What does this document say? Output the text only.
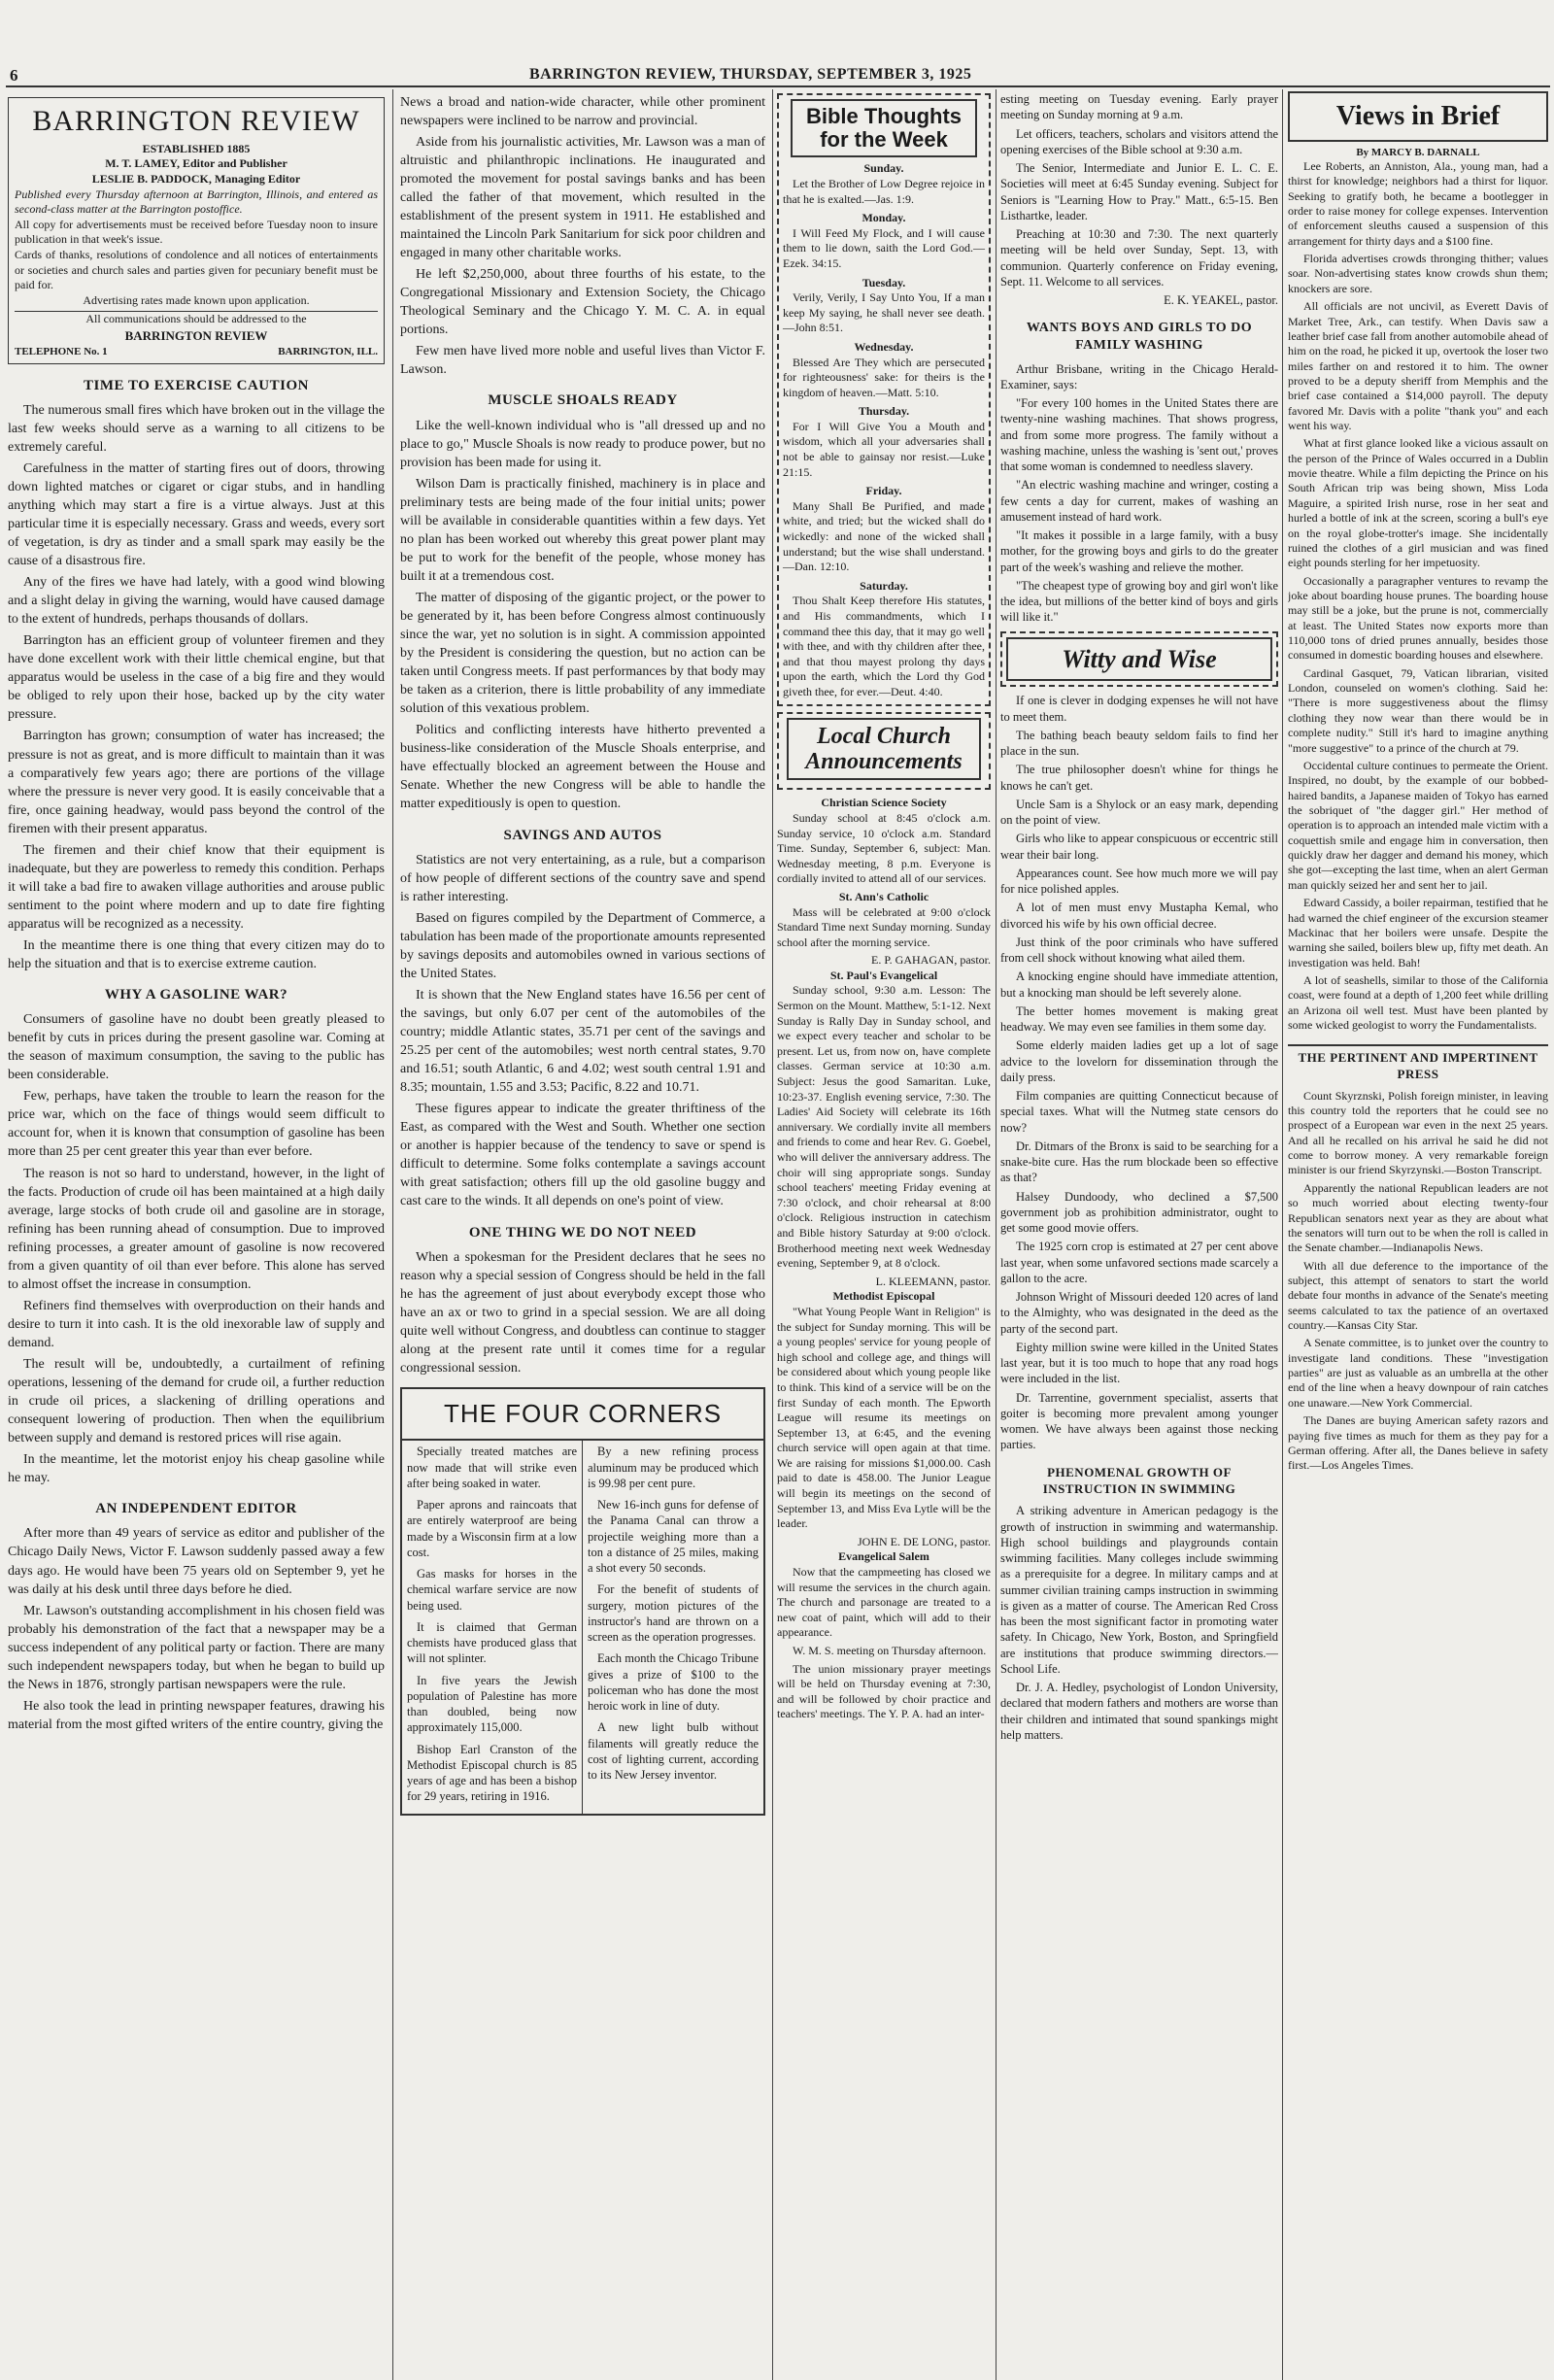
6	BARRINGTON REVIEW, THURSDAY, SEPTEMBER 3, 1925
BARRINGTON REVIEW
ESTABLISHED 1885
M. T. LAMEY, Editor and Publisher
LESLIE B. PADDOCK, Managing Editor
Published every Thursday afternoon at Barrington, Illinois, and entered as second-class matter at the Barrington postoffice.
All copy for advertisements must be received before Tuesday noon to insure publication in that week's issue.
Cards of thanks, resolutions of condolence and all notices of entertainments or societies and church sales and parties given for pecuniary benefit must be paid for.
Advertising rates made known upon application.
All communications should be addressed to the
BARRINGTON REVIEW
TELEPHONE No. 1	BARRINGTON, ILL.
TIME TO EXERCISE CAUTION

The numerous small fires which have broken out in the village the last few weeks should serve as a warning to all citizens to be extremely careful.

Carefulness in the matter of starting fires out of doors, throwing down lighted matches or cigaret or cigar stubs, and in handling anything which may start a fire is a virtue always. Just at this particular time it is especially necessary. Grass and weeds, every sort of vegetation, is dry as tinder and a small spark may easily be the cause of a disastrous fire.

Any of the fires we have had lately, with a good wind blowing and a slight delay in giving the warning, would have caused damage to the extent of hundreds, perhaps thousands of dollars.

Barrington has an efficient group of volunteer firemen and they have done excellent work with their little chemical engine, but that apparatus would be useless in the case of a big fire and they would be obliged to rely upon their hose, backed up by the city water pressure.

Barrington has grown; consumption of water has increased; the pressure is not as great, and is more difficult to maintain than it was a comparatively few years ago; there are portions of the village where the pressure is never very good. It is easily conceivable that a fire, once gaining headway, would pass beyond the control of the firemen with their present apparatus.

The firemen and their chief know that their equipment is inadequate, but they are powerless to remedy this condition. Perhaps it will take a bad fire to awaken village authorities and arouse public sentiment to the point where modern and up to date fire fighting apparatus will be recognized as a necessity.

In the meantime there is one thing that every citizen may do to help the situation and that is to exercise extreme caution.

WHY A GASOLINE WAR?

Consumers of gasoline have no doubt been greatly pleased to benefit by cuts in prices during the present gasoline war. Coming at the season of maximum consumption, the saving to the public has been considerable.

Few, perhaps, have taken the trouble to learn the reason for the price war, which on the face of things would seem difficult to account for, when it is known that consumption of gasoline has been more than 25 per cent greater this year than ever before.

The reason is not so hard to understand, however, in the light of the facts. Production of crude oil has been maintained at a high daily average, large stocks of both crude oil and gasoline are in storage, refining has been running ahead of consumption. Due to improved refining processes, a greater amount of gasoline is now recovered from a given quantity of oil than ever before. This alone has served to almost offset the increase in consumption.

Refiners find themselves with overproduction on their hands and desire to turn it into cash. It is the old inexorable law of supply and demand.

The result will be, undoubtedly, a curtailment of refining operations, lessening of the demand for crude oil, a further reduction in crude oil prices, a slackening of drilling operations and consequent lowering of production. Then when the equilibrium between supply and demand is restored prices will rise again.

In the meantime, let the motorist enjoy his cheap gasoline while he may.

AN INDEPENDENT EDITOR

After more than 49 years of service as editor and publisher of the Chicago Daily News, Victor F. Lawson suddenly passed away a few days ago. He would have been 75 years old on September 9, yet he was daily at his desk until three days before he died.

Mr. Lawson's outstanding accomplishment in his chosen field was probably his demonstration of the fact that a newspaper may be a success independent of any political party or faction. There are many such independent newspapers today, but when he began to build up the News in 1876, strongly partisan newspapers were the rule.

He also took the lead in printing newspaper features, drawing his material from the most gifted writers of the entire country, giving the

News a broad and nation-wide character, while other prominent newspapers were inclined to be narrow and provincial.

Aside from his journalistic activities, Mr. Lawson was a man of altruistic and philanthropic inclinations. He inaugurated and promoted the movement for postal savings banks and has been called the father of that movement, which resulted in the establishment of the present system in 1911. He established and maintained the Lincoln Park Sanitarium for sick poor children and engaged in many other charitable works.

He left $2,250,000, about three fourths of his estate, to the Congregational Missionary and Extension Society, the Chicago Theological Seminary and the Chicago Y. M. C. A. in equal portions.

Few men have lived more noble and useful lives than Victor F. Lawson.

MUSCLE SHOALS READY

Like the well-known individual who is "all dressed up and no place to go," Muscle Shoals is now ready to produce power, but no provision has been made for using it.

Wilson Dam is practically finished, machinery is in place and preliminary tests are being made of the four initial units; power will be available in considerable quantities within a few days. Yet no plan has been worked out whereby this great power plant may be put to work for the benefit of the people, whose money has built it at a tremendous cost.

The matter of disposing of the gigantic project, or the power to be generated by it, has been before Congress almost continuously since the war, yet no solution is in sight. A commission appointed by the President is considering the question, but no action can be taken until Congress meets. If past performances by that body may be taken as a criterion, there is little probability of any immediate solution of this vexatious problem.

Politics and conflicting interests have hitherto prevented a business-like consideration of the Muscle Shoals enterprise, and have effectually blocked an agreement between the House and Senate. Whether the new Congress will be able to handle the matter expeditiously is open to question.

SAVINGS AND AUTOS

Statistics are not very entertaining, as a rule, but a comparison of how people of different sections of the country save and spend is rather interesting.

Based on figures compiled by the Department of Commerce, a tabulation has been made of the proportionate amounts represented by savings deposits and automobiles owned in various sections of the United States.

It is shown that the New England states have 16.56 per cent of the savings, but only 6.07 per cent of the automobiles of the country; middle Atlantic states, 35.71 per cent of the savings and 25.25 per cent of the automobiles; west north central states, 9.70 and 16.51; south Atlantic, 6 and 4.02; west south central 1.91 and 8.35; mountain, 1.55 and 3.53; Pacific, 8.22 and 10.71.

These figures appear to indicate the greater thriftiness of the East, as compared with the West and South. Whether one section or another is happier because of the tendency to save or spend is difficult to determine. Some folks contemplate a savings account with great satisfaction; others fill up the old gasoline buggy and cast care to the winds. It all depends on one's point of view.

ONE THING WE DO NOT NEED

When a spokesman for the President declares that he sees no reason why a special session of Congress should be held in the fall he has the agreement of just about everybody except those who have an ax or two to grind in a special session. We are all doing quite well without Congress, and doubtless can continue to stagger along at the present rate until it comes time for a regular congressional session.

THE FOUR CORNERS

Specially treated matches are now made that will strike even after being soaked in water.

Paper aprons and raincoats that are entirely waterproof are being made by a Wisconsin firm at a low cost.

Gas masks for horses in the chemical warfare service are now being used.

It is claimed that German chemists have produced glass that will not splinter.

In five years the Jewish population of Palestine has more than doubled, being now approximately 115,000.

Bishop Earl Cranston of the Methodist Episcopal church is 85 years of age and has been a bishop for 29 years, retiring in 1916.

By a new refining process aluminum may be produced which is 99.98 per cent pure.

New 16-inch guns for defense of the Panama Canal can throw a projectile weighing more than a ton a distance of 25 miles, making a shot every 50 seconds.

For the benefit of students of surgery, motion pictures of the instructor's hand are thrown on a screen as the operation progresses.

Each month the Chicago Tribune gives a prize of $100 to the policeman who has done the most heroic work in line of duty.

A new light bulb without filaments will greatly reduce the cost of lighting current, according to its New Jersey inventor.

Bible Thoughts for the Week
Sunday.

Let the Brother of Low Degree rejoice in that he is exalted.—Jas. 1:9.

Monday.

I Will Feed My Flock, and I will cause them to lie down, saith the Lord God.—Ezek. 34:15.

Tuesday.

Verily, Verily, I Say Unto You, If a man keep My saying, he shall never see death.—John 8:51.

Wednesday.

Blessed Are They which are persecuted for righteousness' sake: for theirs is the kingdom of heaven.—Matt. 5:10.

Thursday.

For I Will Give You a Mouth and wisdom, which all your adversaries shall not be able to gainsay nor resist.—Luke 21:15.

Friday.

Many Shall Be Purified, and made white, and tried; but the wicked shall do wickedly: and none of the wicked shall understand; but the wise shall understand.—Dan. 12:10.

Saturday.

Thou Shalt Keep therefore His statutes, and His commandments, which I command thee this day, that it may go well with thee, and with thy children after thee, and that thou mayest prolong thy days upon the earth, which the Lord thy God giveth thee, for ever.—Deut. 4:40.

Local Church Announcements
Christian Science Society

Sunday school at 8:45 o'clock a.m. Sunday service, 10 o'clock a.m. Standard Time. Sunday, September 6, subject: Man. Wednesday meeting, 8 p.m. Everyone is cordially invited to attend all of our services.

St. Ann's Catholic

Mass will be celebrated at 9:00 o'clock Standard Time next Sunday morning. Sunday school after the morning service.

E. P. GAHAGAN, pastor.
St. Paul's Evangelical

Sunday school, 9:30 a.m. Lesson: The Sermon on the Mount. Matthew, 5:1-12. Next Sunday is Rally Day in Sunday school, and we expect every teacher and scholar to be present. Let us, from now on, have complete classes. German service at 10:30 a.m. Subject: Jesus the good Samaritan. Luke, 10:23-37. English evening service, 7:30. The Ladies' Aid Society will celebrate its 16th anniversary. We cordially invite all members and friends to come and hear Rev. G. Goebel, who will deliver the anniversary address. The choir will sing appropriate songs. Sunday school teachers' meeting Friday evening at 7:30 o'clock, and choir rehearsal at 8:00 o'clock. Religious instruction in catechism and Bible history Saturday at 9:00 o'clock. Brotherhood meeting next week Wednesday evening, September 9, at 8 o'clock.

L. KLEEMANN, pastor.
Methodist Episcopal

"What Young People Want in Religion" is the subject for Sunday morning. This will be a young peoples' service for young people of high school and college age, and things will be considered about which young people like to think. This kind of a service will be on the first Sunday of each month. The Epworth League will resume its meetings on September 13, at 6:45, and the evening church service will open again at that time. We are raising for missions $1,000.00. Cash paid to date is 458.00. The Junior League will begin its meetings on the second of September 13, and Miss Eva Lytle will be the leader.

JOHN E. DE LONG, pastor.
Evangelical Salem

Now that the campmeeting has closed we will resume the services in the church again. The church and parsonage are treated to a new coat of paint, which will add to their appearance.

W. M. S. meeting on Thursday afternoon.

The union missionary prayer meetings will be held on Thursday evening at 7:30, and will be followed by choir practice and teachers' meetings. The Y. P. A. had an inter-

esting meeting on Tuesday evening. Early prayer meeting on Sunday morning at 9 a.m.

Let officers, teachers, scholars and visitors attend the opening exercises of the Bible school at 9:30 a.m.

The Senior, Intermediate and Junior E. L. C. E. Societies will meet at 6:45 Sunday evening. Subject for Seniors is "Learning How to Pray." Matt., 6:5-15. Ben Listhartke, leader.

Preaching at 10:30 and 7:30. The next quarterly meeting will be held over Sunday, Sept. 13, with communion. Quarterly conference on Friday evening, Sept. 11. Welcome to all services.

E. K. YEAKEL, pastor.
WANTS BOYS AND GIRLS TO DO FAMILY WASHING

Arthur Brisbane, writing in the Chicago Herald-Examiner, says:

"For every 100 homes in the United States there are twenty-nine washing machines. That shows progress, and from some more progress. The family without a washing machine, unless the washing is 'sent out,' proves that some woman is condemned to needless slavery.

"An electric washing machine and wringer, costing a few cents a day for current, makes of washing an amusement instead of hard work.

"It makes it possible in a large family, with a busy mother, for the growing boys and girls to do the greater part of the week's washing and relieve the mother.

"The cheapest type of growing boy and girl won't like the idea, but millions of the better kind of boys and girls will like it."

Witty and Wise

If one is clever in dodging expenses he will not have to meet them.

The bathing beach beauty seldom fails to find her place in the sun.

The true philosopher doesn't whine for things he knows he can't get.

Uncle Sam is a Shylock or an easy mark, depending on the point of view.

Girls who like to appear conspicuous or eccentric still wear their bair long.

Appearances count. See how much more we will pay for nice polished apples.

A lot of men must envy Mustapha Kemal, who divorced his wife by his own official decree.

Just think of the poor criminals who have suffered from cell shock without knowing what ailed them.

A knocking engine should have immediate attention, but a knocking man should be left severely alone.

The better homes movement is making great headway. We may even see families in them some day.

Some elderly maiden ladies get up a lot of sage advice to the lovelorn for dissemination through the daily press.

Film companies are quitting Connecticut because of special taxes. What will the Nutmeg state censors do now?

Dr. Ditmars of the Bronx is said to be searching for a snake-bite cure. Has the rum blockade been so effective as that?

Halsey Dundoody, who declined a $7,500 government job as prohibition administrator, ought to get some good movie offers.

The 1925 corn crop is estimated at 27 per cent above last year, when some unfavored sections made scarcely a gallon to the acre.

Johnson Wright of Missouri deeded 120 acres of land to the Almighty, who was designated in the deed as the party of the second part.

Eighty million swine were killed in the United States last year, but it is too much to hope that any road hogs were included in the list.

Dr. Tarrentine, government specialist, asserts that goiter is becoming more prevalent among younger women. We have always been against those necking parties.

PHENOMENAL GROWTH OF INSTRUCTION IN SWIMMING

A striking adventure in American pedagogy is the growth of instruction in swimming and watermanship. High school buildings and playgrounds contain swimming facilities. Many colleges include swimming as a prerequisite for a degree. In military camps and at summer civilian training camps instruction in swimming is given as a matter of course. The American Red Cross has been the most significant factor in promoting water safety. In Chicago, New York, Boston, and Springfield are institutions that produce swimming directors.—School Life.

Dr. J. A. Hedley, psychologist of London University, declared that modern fathers and mothers are worse than their children and intimated that sound spankings might help matters.

Views in Brief
By MARCY B. DARNALL

Lee Roberts, an Anniston, Ala., young man, had a thirst for knowledge; neighbors had a thirst for liquor. Seeking to gratify both, he became a bootlegger in order to raise money for college expenses. Intervention of enforcement sleuths caused a suspension of this arrangement for thirty days and a $100 fine.

Florida advertises crowds thronging thither; values soar. Non-advertising states know crowds shun them; knockers are sore.

All officials are not uncivil, as Everett Davis of Market Tree, Ark., can testify. When Davis saw a leather brief case fall from another automobile ahead of him on the road, he picked it up, overtook the loser two miles farther on and restored it to him. The owner proved to be a deputy sheriff from Memphis and the brief case contained a $14,000 payroll. The deputy favored Mr. Davis with a polite "thank you" and each went his way.

What at first glance looked like a vicious assault on the person of the Prince of Wales occurred in a Dublin movie theatre. While a film depicting the Prince on his South African trip was being shown, Miss Loda Maguire, a spirited Irish nurse, rose in her seat and hurled a bottle of ink at the screen, scoring a bull's eye on the royal globe-trotter's image. She incidentally ruined the clothes of a girl musician and was fined eight pounds sterling for her impetuosity.

Occasionally a paragrapher ventures to revamp the joke about boarding house prunes. The boarding house may still be a joke, but the prune is not, commercially at least. The United States now exports more than 110,000 tons of dried prunes annually, besides those consumed in domestic boarding houses and elsewhere.

Cardinal Gasquet, 79, Vatican librarian, visited London, counseled on women's clothing. Said he: "There is more suggestiveness about the flimsy clothing they now wear than there would be in complete nudity." Still it's hard to imagine anything "more suggestive" to a prince of the church at 79.

Occidental culture continues to permeate the Orient. Inspired, no doubt, by the example of our bobbed-haired bandits, a Japanese maiden of Tokyo has earned the sobriquet of "the dagger girl." Her method of operation is to approach an intended male victim with a coquettish smile and engage him in conversation, then quickly draw her dagger and demand his money, which she got—excepting the last time, when an alert German man quickly seized her and sent her to jail.

Edward Cassidy, a boiler repairman, testified that he had warned the chief engineer of the excursion steamer Mackinac that her boilers were unsafe. Despite the warning she sailed, boilers blew up, fifty met death. An investigation was held. Bah!

A lot of seashells, similar to those of the California coast, were found at a depth of 1,200 feet while drilling an Arizona oil well test. Must have been planted by some wicked geologist to worry the Fundamentalists.

THE PERTINENT AND IMPERTINENT PRESS

Count Skyrznski, Polish foreign minister, in leaving this country told the reporters that he could see no prospect of a European war even in the next 25 years. And all he recalled on his arrival he said he did not come to borrow money. A very remarkable foreign minister is our friend Skyrzynski.—Boston Transcript.

Apparently the national Republican leaders are not so much worried about electing twenty-four Republican senators next year as they are about what the senators will turn out to be when the roll is called in the Senate chamber.—Indianapolis News.

With all due deference to the importance of the subject, this attempt of senators to start the world debate four months in advance of the Senate's meeting seems calculated to tax the patience of an overtaxed country.—Kansas City Star.

A Senate committee, is to junket over the country to investigate land conditions. These "investigation parties" are just as valuable as an umbrella at the other end of the line when a heavy downpour of rain catches one unaware.—New York Commercial.

The Danes are buying American safety razors and paying five times as much for them as they pay for a German offering. After all, the Danes believe in safety first.—Los Angeles Times.
